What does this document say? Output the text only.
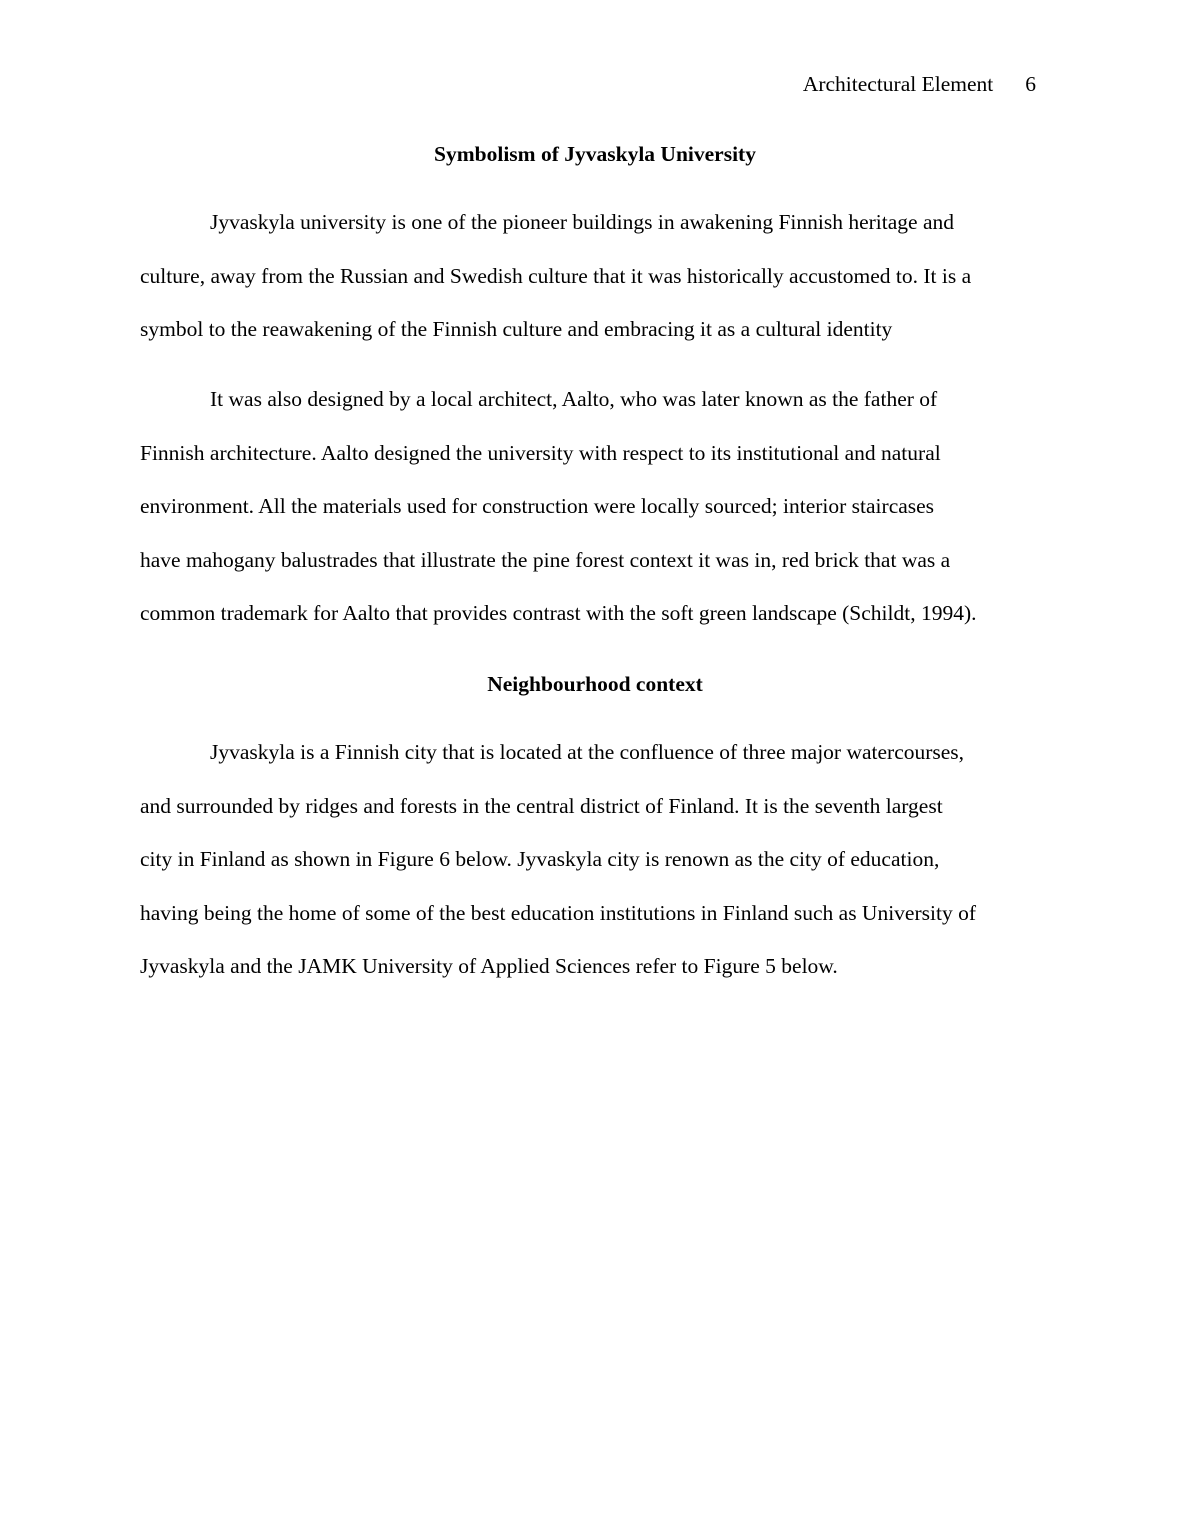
Architectural Element 6
Symbolism of Jyvaskyla University

Jyvaskyla university is one of the pioneer buildings in awakening Finnish heritage and
culture, away from the Russian and Swedish culture that it was historically accustomed to. It is a
symbol to the reawakening of the Finnish culture and embracing it as a cultural identity

It was also designed by a local architect, Aalto, who was later known as the father of
Finnish architecture. Aalto designed the university with respect to its institutional and natural
environment. All the materials used for construction were locally sourced; interior staircases
have mahogany balustrades that illustrate the pine forest context it was in, red brick that was a
common trademark for Aalto that provides contrast with the soft green landscape (Schildt, 1994).

Neighbourhood context

Jyvaskyla is a Finnish city that is located at the confluence of three major watercourses,
and surrounded by ridges and forests in the central district of Finland. It is the seventh largest
city in Finland as shown in Figure 6 below. Jyvaskyla city is renown as the city of education,
having being the home of some of the best education institutions in Finland such as University of
Jyvaskyla and the JAMK University of Applied Sciences refer to Figure 5 below.
